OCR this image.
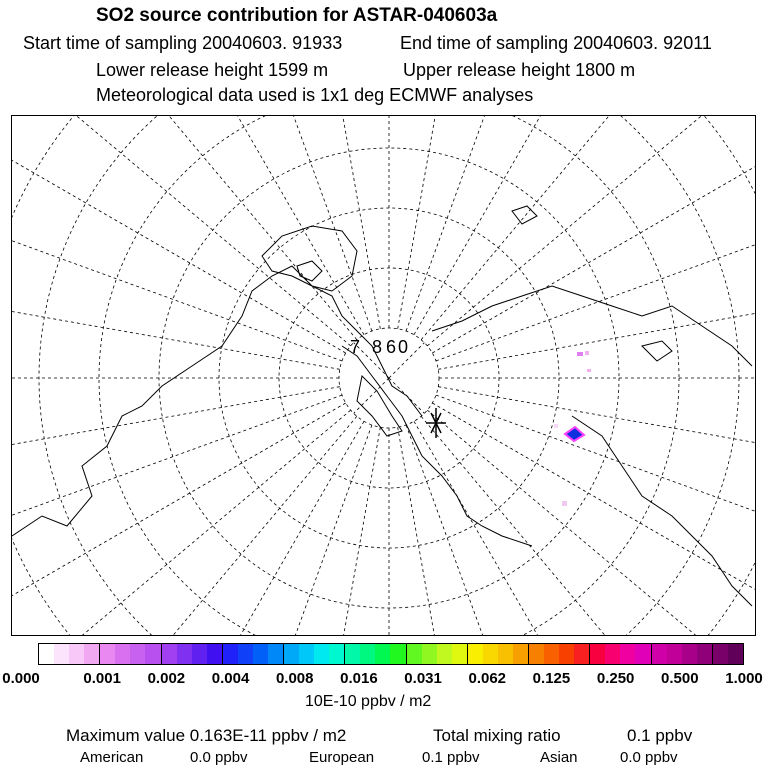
SO2 source contribution for ASTAR-040603a
Start time of sampling 20040603. 91933	End time of sampling 20040603. 92011
Lower release height 1599 m	Upper release height 1800 m
Meteorological data used is 1x1 deg ECMWF analyses
7 8 6 0
0.000	0.001 0.002 0.004 0.008 0.016 0.031 0.062 0.125 0.250 0.500 1.000
10E-10 ppbv / m2
Maximum value 0.163E-11 ppbv / m2	Total mixing ratio	0.1 ppbv
American	0.0 ppbv	European	0.1 ppbv	Asian	0.0 ppbv
